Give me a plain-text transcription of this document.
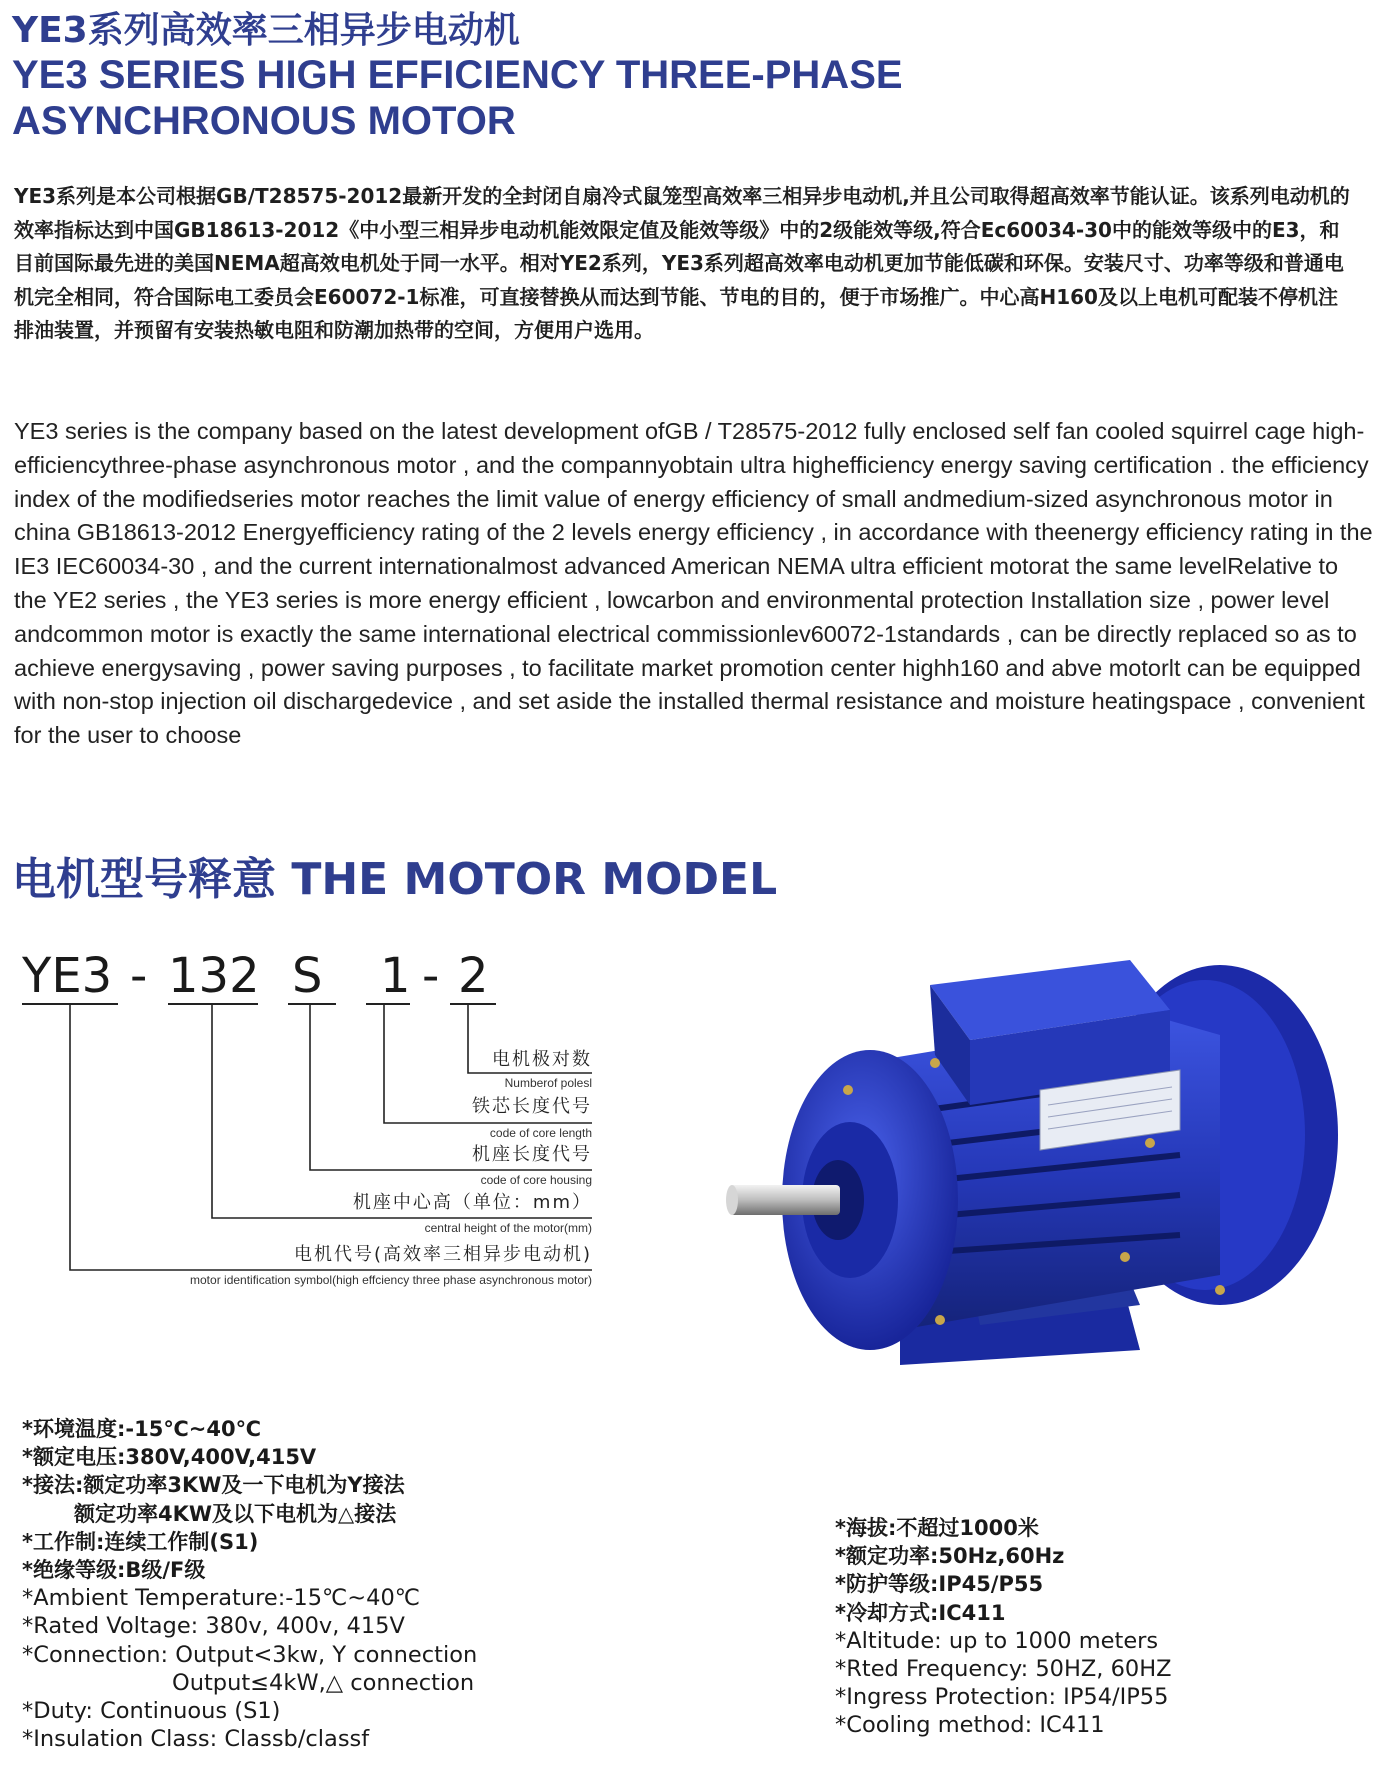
YE3系列高效率三相异步电动机
YE3 SERIES HIGH EFFICIENCY THREE-PHASE
ASYNCHRONOUS MOTOR

YE3系列是本公司根据GB/T28575-2012最新开发的全封闭自扇冷式鼠笼型高效率三相异步电动机,并且公司取得超高效率节能认证。该系列电动机的效率指标达到中国GB18613-2012《中小型三相异步电动机能效限定值及能效等级》中的2级能效等级,符合Ec60034-30中的能效等级中的E3，和目前国际最先进的美国NEMA超高效电机处于同一水平。相对YE2系列，YE3系列超高效率电动机更加节能低碳和环保。安装尺寸、功率等级和普通电机完全相同，符合国际电工委员会E60072-1标准，可直接替换从而达到节能、节电的目的，便于市场推广。中心高H160及以上电机可配装不停机注排油装置，并预留有安装热敏电阻和防潮加热带的空间，方便用户选用。

YE3 series is the company based on the latest development ofGB / T28575-2012 fully enclosed self fan cooled squirrel cage high-efficiencythree-phase asynchronous motor , and the compannyobtain ultra highefficiency energy saving certification . the efficiency index of the modifiedseries motor reaches the limit value of energy efficiency of small andmedium-sized asynchronous motor in china GB18613-2012 Energyefficiency rating of the 2 levels energy efficiency , in accordance with theenergy efficiency rating in the IE3 IEC60034-30 , and the current internationalmost advanced American NEMA ultra efficient motorat the same levelRelative to the YE2 series , the YE3 series is more energy efficient , lowcarbon and environmental protection Installation size , power level andcommon motor is exactly the same international electrical commissionlev60072-1standards , can be directly replaced so as to achieve energysaving , power saving purposes , to facilitate market promotion center highh160 and abve motorlt can be equipped with non-stop injection oil dischargedevice , and set aside the installed thermal resistance and moisture heatingspace , convenient for the user to choose

电机型号释意 THE MOTOR MODEL
YE3 - 132 S 1 - 2
电机极对数
Numberof polesl
铁芯长度代号
code of core length
机座长度代号
code of core housing
机座中心高（单位：mm）
central height of the motor(mm)
电机代号(高效率三相异步电动机)
motor identification symbol(high effciency three phase asynchronous motor)
*环境温度:-15℃~40℃
*额定电压:380V,400V,415V
*接法:额定功率3KW及一下电机为Y接法
额定功率4KW及以下电机为△接法
*工作制:连续工作制(S1)
*绝缘等级:B级/F级
*Ambient Temperature:-15℃~40℃
*Rated Voltage: 380v, 400v, 415V
*Connection: Output<3kw, Y connection
Output≤4kW,△ connection
*Duty: Continuous (S1)
*Insulation Class: Classb/classf
*海拔:不超过1000米
*额定功率:50Hz,60Hz
*防护等级:IP45/P55
*冷却方式:IC411
*Altitude: up to 1000 meters
*Rted Frequency: 50HZ, 60HZ
*Ingress Protection: IP54/IP55
*Cooling method: IC411
